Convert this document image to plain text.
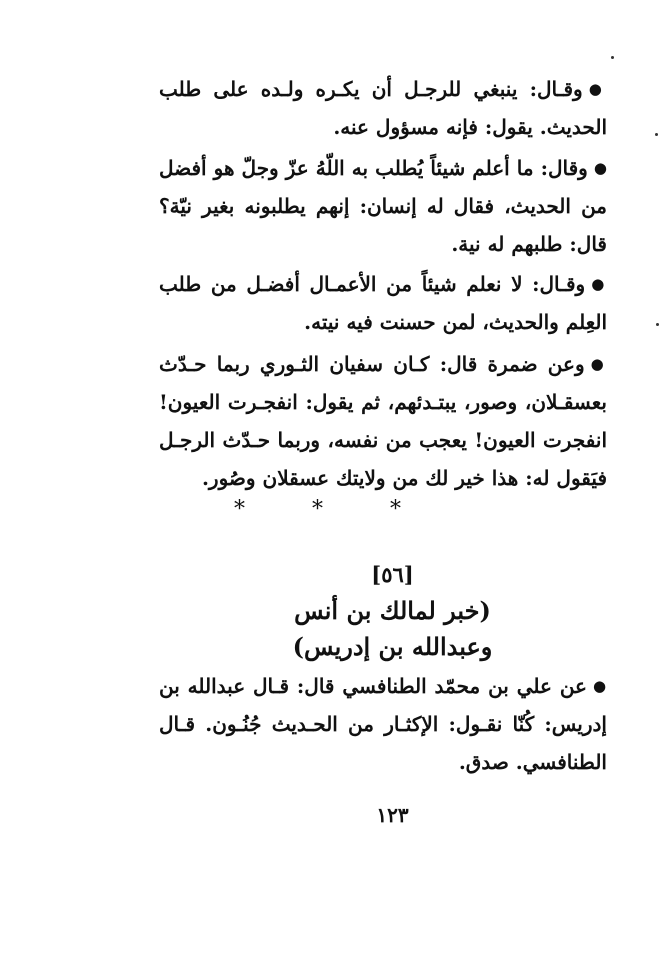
●وقـال: ينبغي للرجـل أن يكـره ولـده على طلب الحديث. يقول: فإنه مسؤول عنه.
●وقال: ما أعلم شيئاً يُطلب به اللّهُ عزّ وجلّ هو أفضل من الحديث، فقال له إنسان: إنهم يطلبونه بغير نيّة؟ قال: طلبهم له نية.
●وقـال: لا نعلم شيئاً من الأعمـال أفضـل من طلب العِلم والحديث، لمن حسنت فيه نيته.
●وعن ضمرة قال: كـان سفيان الثـوري ربما حـدّث بعسقـلان، وصور، يبتـدئهم، ثم يقول: انفجـرت العيون! انفجرت العيون! يعجب من نفسه، وربما حـدّث الرجـل فيَقول له: هذا خير لك من ولايتك عسقلان وصُور.
* * *
[٥٦]
(خبر لمالك بن أنس
وعبدالله بن إدريس)
●عن علي بن محمّد الطنافسي قال: قـال عبدالله بن إدريس: كُنّا نقـول: الإكثـار من الحـديث جُنُـون. قـال الطنافسي. صدق.
١٢٣
